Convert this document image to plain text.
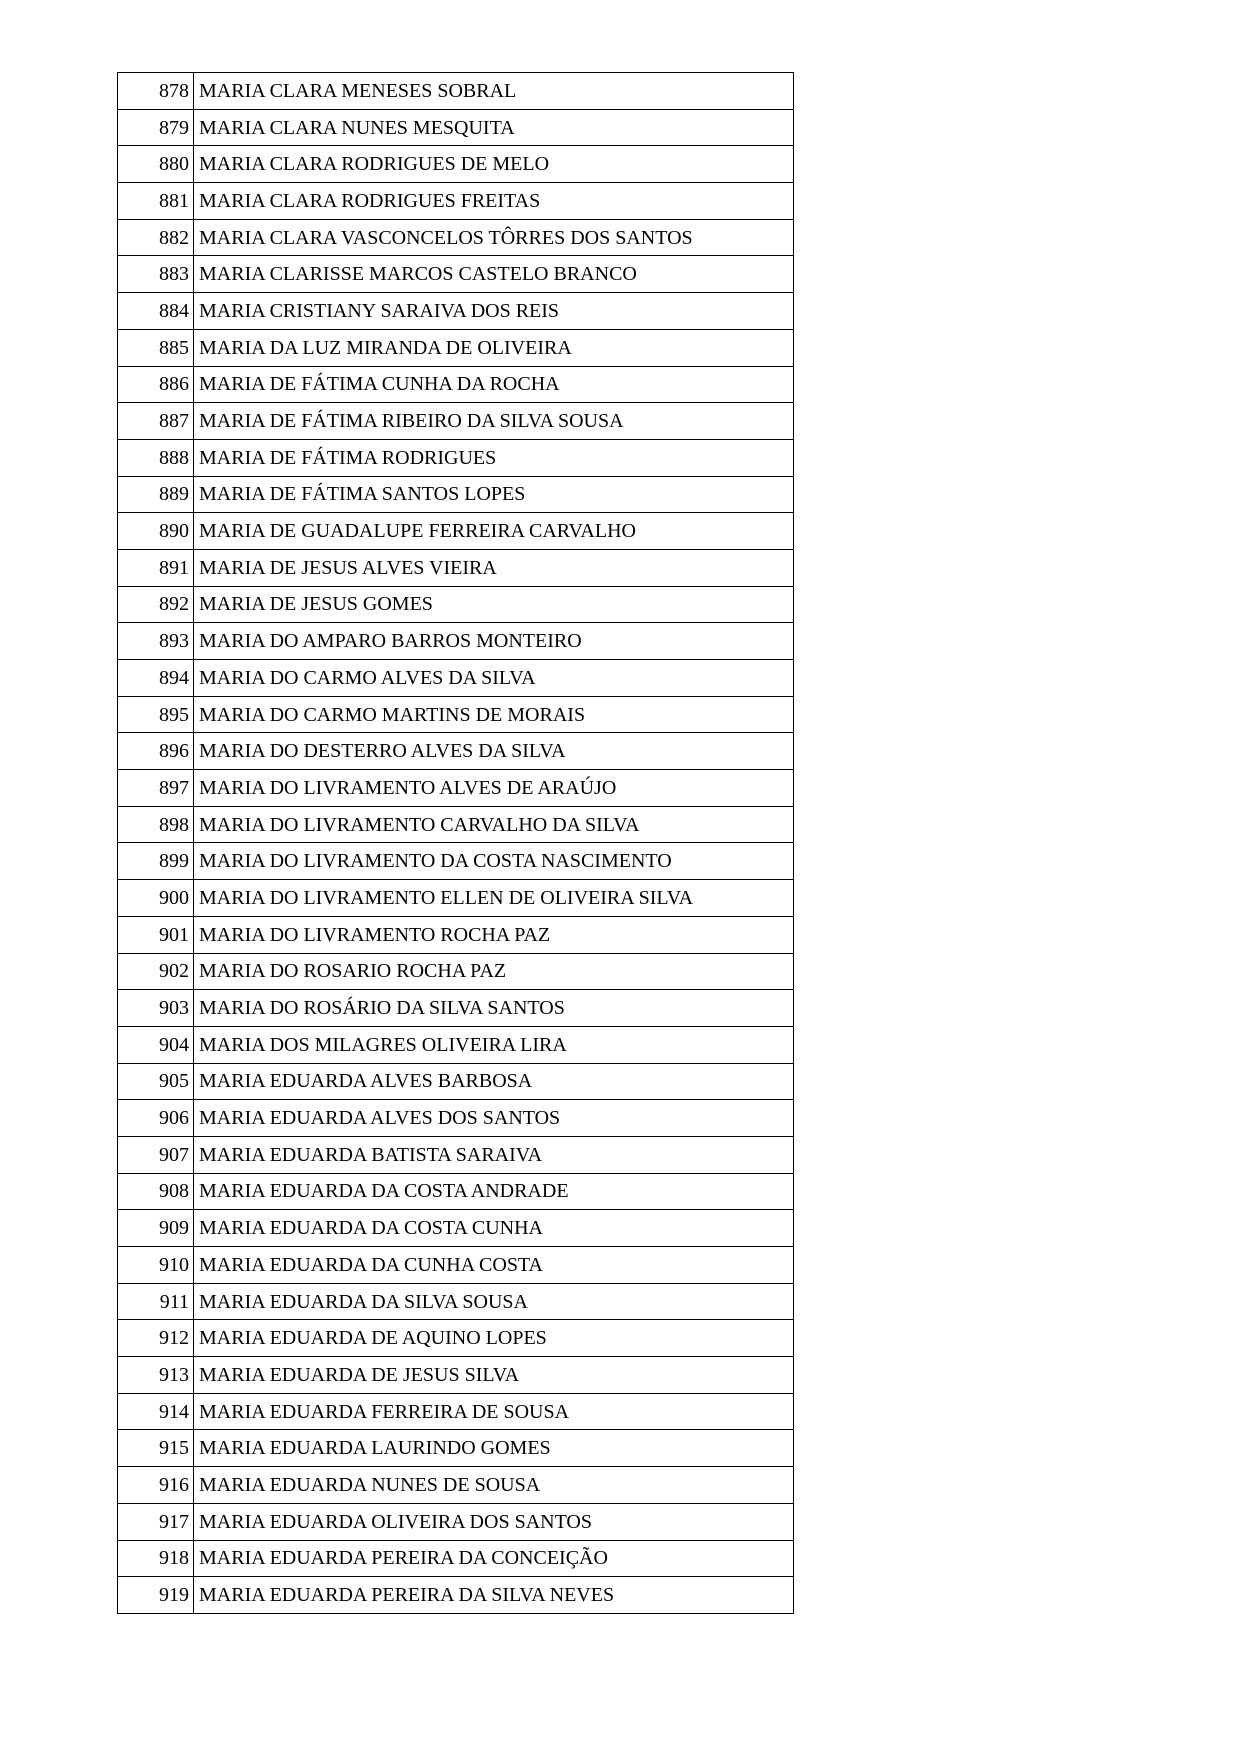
878	MARIA CLARA MENESES SOBRAL
879	MARIA CLARA NUNES MESQUITA
880	MARIA CLARA RODRIGUES DE MELO
881	MARIA CLARA RODRIGUES FREITAS
882	MARIA CLARA VASCONCELOS TÔRRES DOS SANTOS
883	MARIA CLARISSE MARCOS CASTELO BRANCO
884	MARIA CRISTIANY SARAIVA DOS REIS
885	MARIA DA LUZ MIRANDA DE OLIVEIRA
886	MARIA DE FÁTIMA CUNHA DA ROCHA
887	MARIA DE FÁTIMA RIBEIRO DA SILVA SOUSA
888	MARIA DE FÁTIMA RODRIGUES
889	MARIA DE FÁTIMA SANTOS LOPES
890	MARIA DE GUADALUPE FERREIRA CARVALHO
891	MARIA DE JESUS ALVES VIEIRA
892	MARIA DE JESUS GOMES
893	MARIA DO AMPARO BARROS MONTEIRO
894	MARIA DO CARMO ALVES DA SILVA
895	MARIA DO CARMO MARTINS DE MORAIS
896	MARIA DO DESTERRO ALVES DA SILVA
897	MARIA DO LIVRAMENTO ALVES DE ARAÚJO
898	MARIA DO LIVRAMENTO CARVALHO DA SILVA
899	MARIA DO LIVRAMENTO DA COSTA NASCIMENTO
900	MARIA DO LIVRAMENTO ELLEN DE OLIVEIRA SILVA
901	MARIA DO LIVRAMENTO ROCHA PAZ
902	MARIA DO ROSARIO ROCHA PAZ
903	MARIA DO ROSÁRIO DA SILVA SANTOS
904	MARIA DOS MILAGRES OLIVEIRA LIRA
905	MARIA EDUARDA ALVES BARBOSA
906	MARIA EDUARDA ALVES DOS SANTOS
907	MARIA EDUARDA BATISTA SARAIVA
908	MARIA EDUARDA DA COSTA ANDRADE
909	MARIA EDUARDA DA COSTA CUNHA
910	MARIA EDUARDA DA CUNHA COSTA
911	MARIA EDUARDA DA SILVA SOUSA
912	MARIA EDUARDA DE AQUINO LOPES
913	MARIA EDUARDA DE JESUS SILVA
914	MARIA EDUARDA FERREIRA DE SOUSA
915	MARIA EDUARDA LAURINDO GOMES
916	MARIA EDUARDA NUNES DE SOUSA
917	MARIA EDUARDA OLIVEIRA DOS SANTOS
918	MARIA EDUARDA PEREIRA DA CONCEIÇÃO
919	MARIA EDUARDA PEREIRA DA SILVA NEVES
